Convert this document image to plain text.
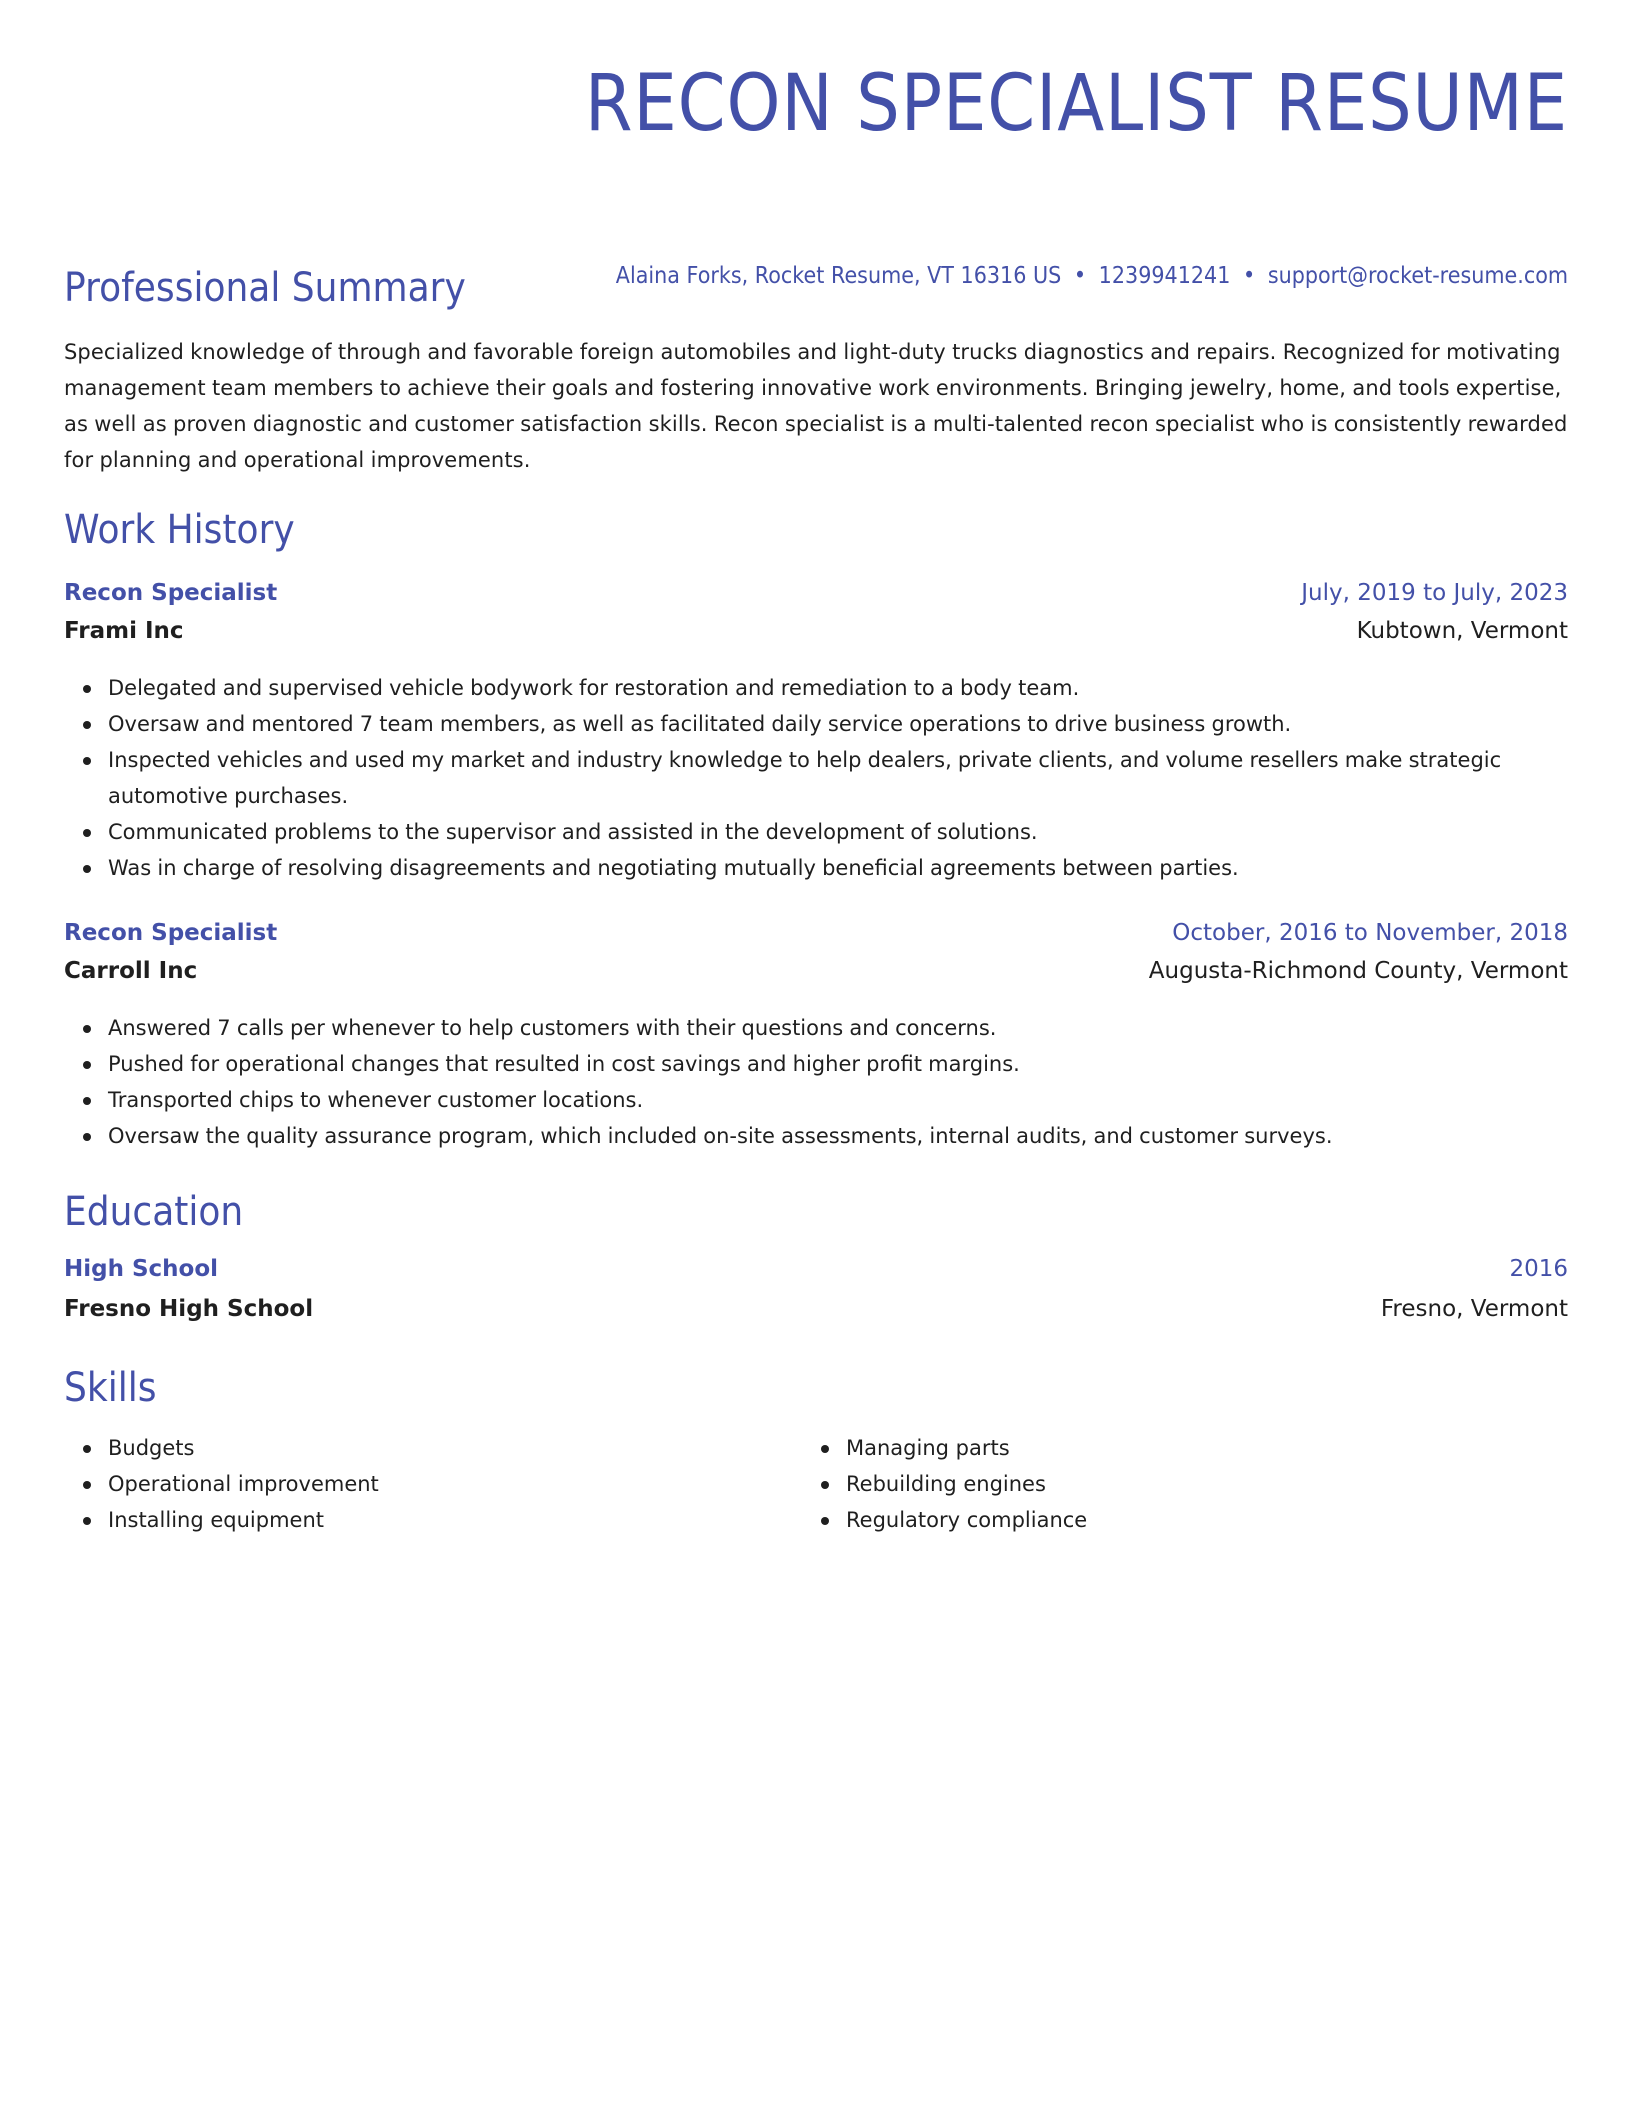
RECON SPECIALIST RESUME
Alaina Forks, Rocket Resume, VT 16316 US • 1239941241 • support@rocket-resume.com
Professional Summary

Specialized knowledge of through and favorable foreign automobiles and light-duty trucks diagnostics and repairs. Recognized for motivating management team members to achieve their goals and fostering innovative work environments. Bringing jewelry, home, and tools expertise, as well as proven diagnostic and customer satisfaction skills. Recon specialist is a multi-talented recon specialist who is consistently rewarded for planning and operational improvements.

Work History
Recon Specialist	July, 2019 to July, 2023
Frami Inc	Kubtown, Vermont
Delegated and supervised vehicle bodywork for restoration and remediation to a body team.
Oversaw and mentored 7 team members, as well as facilitated daily service operations to drive business growth.
Inspected vehicles and used my market and industry knowledge to help dealers, private clients, and volume resellers make strategic automotive purchases.
Communicated problems to the supervisor and assisted in the development of solutions.
Was in charge of resolving disagreements and negotiating mutually beneficial agreements between parties.
Recon Specialist	October, 2016 to November, 2018
Carroll Inc	Augusta-Richmond County, Vermont
Answered 7 calls per whenever to help customers with their questions and concerns.
Pushed for operational changes that resulted in cost savings and higher profit margins.
Transported chips to whenever customer locations.
Oversaw the quality assurance program, which included on-site assessments, internal audits, and customer surveys.
Education
High School	2016
Fresno High School	Fresno, Vermont
Skills
Budgets
Operational improvement
Installing equipment
Managing parts
Rebuilding engines
Regulatory compliance
